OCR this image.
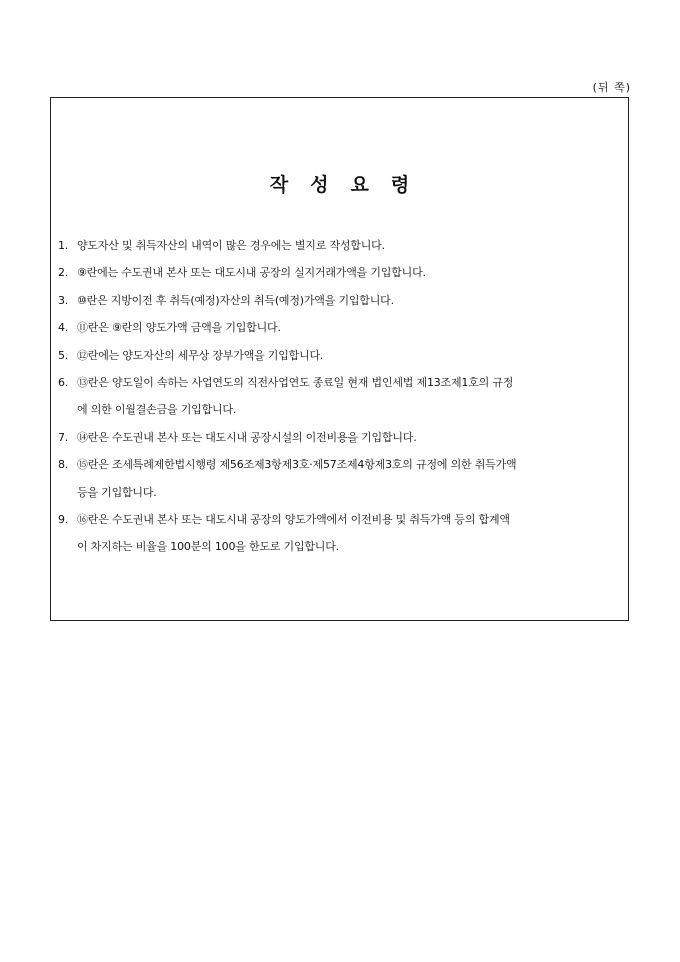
(뒤 쪽)
작성요령
1. 양도자산 및 취득자산의 내역이 많은 경우에는 별지로 작성합니다.
2. ⑨란에는 수도권내 본사 또는 대도시내 공장의 실지거래가액을 기입합니다.
3. ⑩란은 지방이전 후 취득(예정)자산의 취득(예정)가액을 기입합니다.
4. ⑪란은 ⑨란의 양도가액 금액을 기입합니다.
5. ⑫란에는 양도자산의 세무상 장부가액을 기입합니다.
6. ⑬란은 양도일이 속하는 사업연도의 직전사업연도 종료일 현재 법인세법 제13조제1호의 규정
에 의한 이월결손금을 기입합니다.
7. ⑭란은 수도권내 본사 또는 대도시내 공장시설의 이전비용을 기입합니다.
8. ⑮란은 조세특례제한법시행령 제56조제3항제3호·제57조제4항제3호의 규정에 의한 취득가액
등을 기입합니다.
9. ⑯란은 수도권내 본사 또는 대도시내 공장의 양도가액에서 이전비용 및 취득가액 등의 합계액
이 차지하는 비율을 100분의 100을 한도로 기입합니다.
